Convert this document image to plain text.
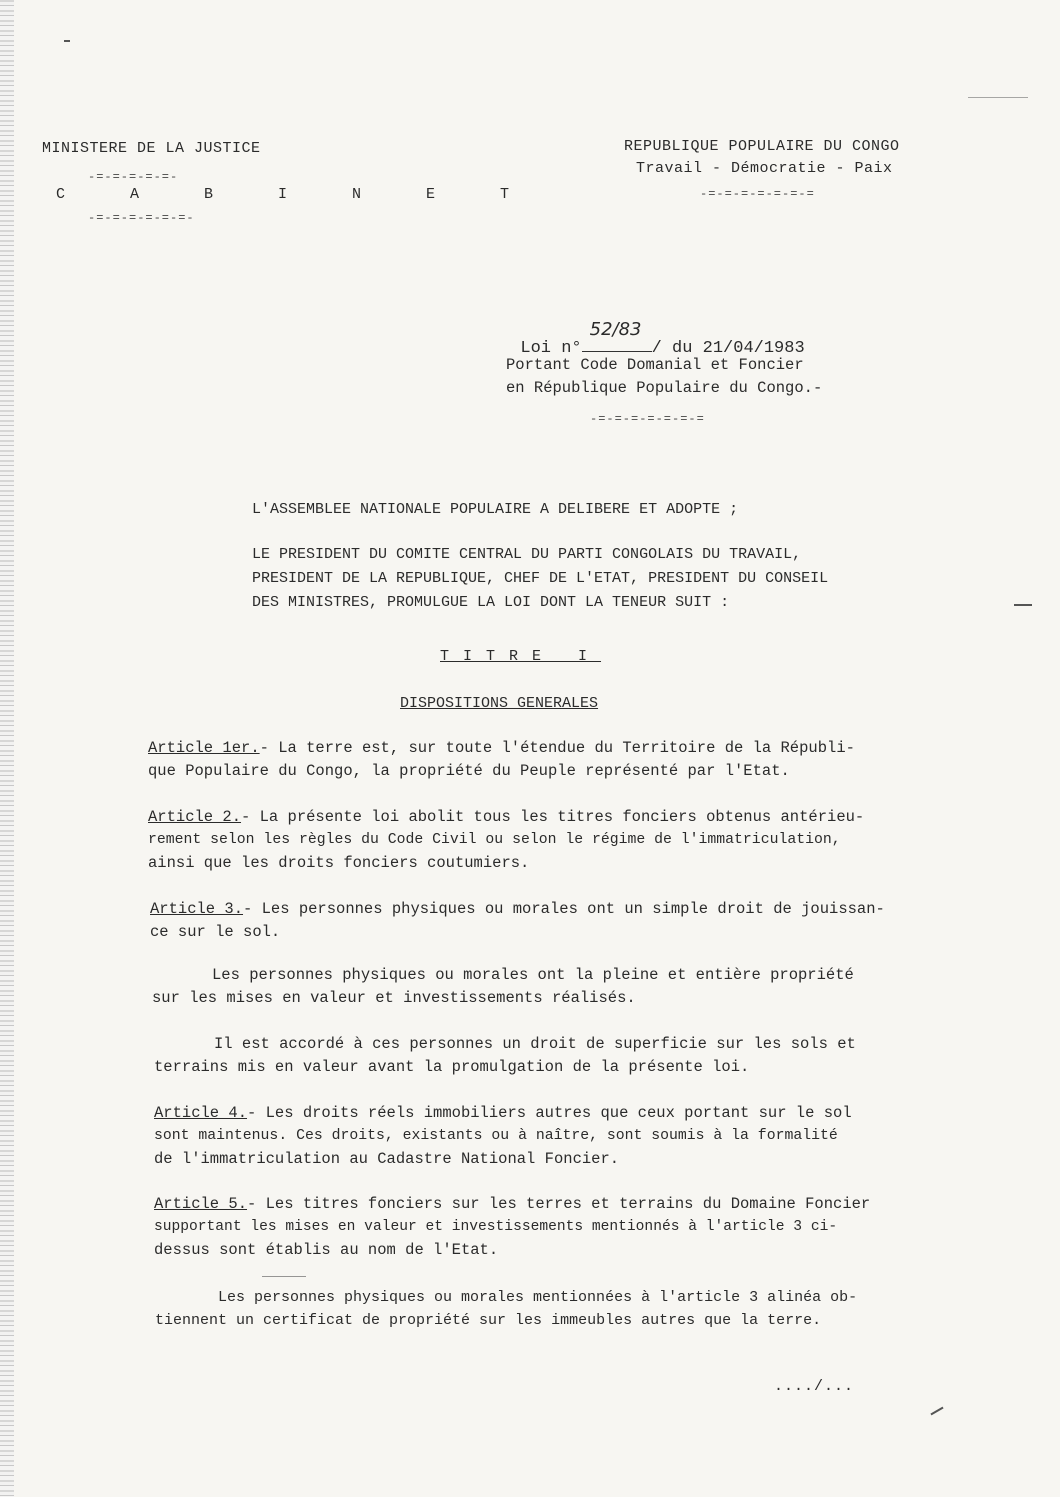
MINISTERE DE LA JUSTICE
-=-=-=-=-=-
C A B I N E T
-=-=-=-=-=-=-
REPUBLIQUE POPULAIRE DU CONGO
Travail - Démocratie - Paix
-=-=-=-=-=-=-=

Loi n°
52/83
/ du 21/04/1983

Portant Code Domanial et Foncier
en République Populaire du Congo.-
-=-=-=-=-=-=-=
L'ASSEMBLEE NATIONALE POPULAIRE A DELIBERE ET ADOPTE ;
LE PRESIDENT DU COMITE CENTRAL DU PARTI CONGOLAIS DU TRAVAIL,
PRESIDENT DE LA REPUBLIQUE, CHEF DE L'ETAT, PRESIDENT DU CONSEIL
DES MINISTRES, PROMULGUE LA LOI DONT LA TENEUR SUIT :
TITRE I
DISPOSITIONS GENERALES
Article 1er.- La terre est, sur toute l'étendue du Territoire de la Républi-
que Populaire du Congo, la propriété du Peuple représenté par l'Etat.
Article 2.- La présente loi abolit tous les titres fonciers obtenus antérieu-
rement selon les règles du Code Civil ou selon le régime de l'immatriculation,
ainsi que les droits fonciers coutumiers.
Article 3.- Les personnes physiques ou morales ont un simple droit de jouissan-
ce sur le sol.
Les personnes physiques ou morales ont la pleine et entière propriété
sur les mises en valeur et investissements réalisés.
Il est accordé à ces personnes un droit de superficie sur les sols et
terrains mis en valeur avant la promulgation de la présente loi.
Article 4.- Les droits réels immobiliers autres que ceux portant sur le sol
sont maintenus. Ces droits, existants ou à naître, sont soumis à la formalité
de l'immatriculation au Cadastre National Foncier.
Article 5.- Les titres fonciers sur les terres et terrains du Domaine Foncier
supportant les mises en valeur et investissements mentionnés à l'article 3 ci-
dessus sont établis au nom de l'Etat.
Les personnes physiques ou morales mentionnées à l'article 3 alinéa ob-
tiennent un certificat de propriété sur les immeubles autres que la terre.
..../...
